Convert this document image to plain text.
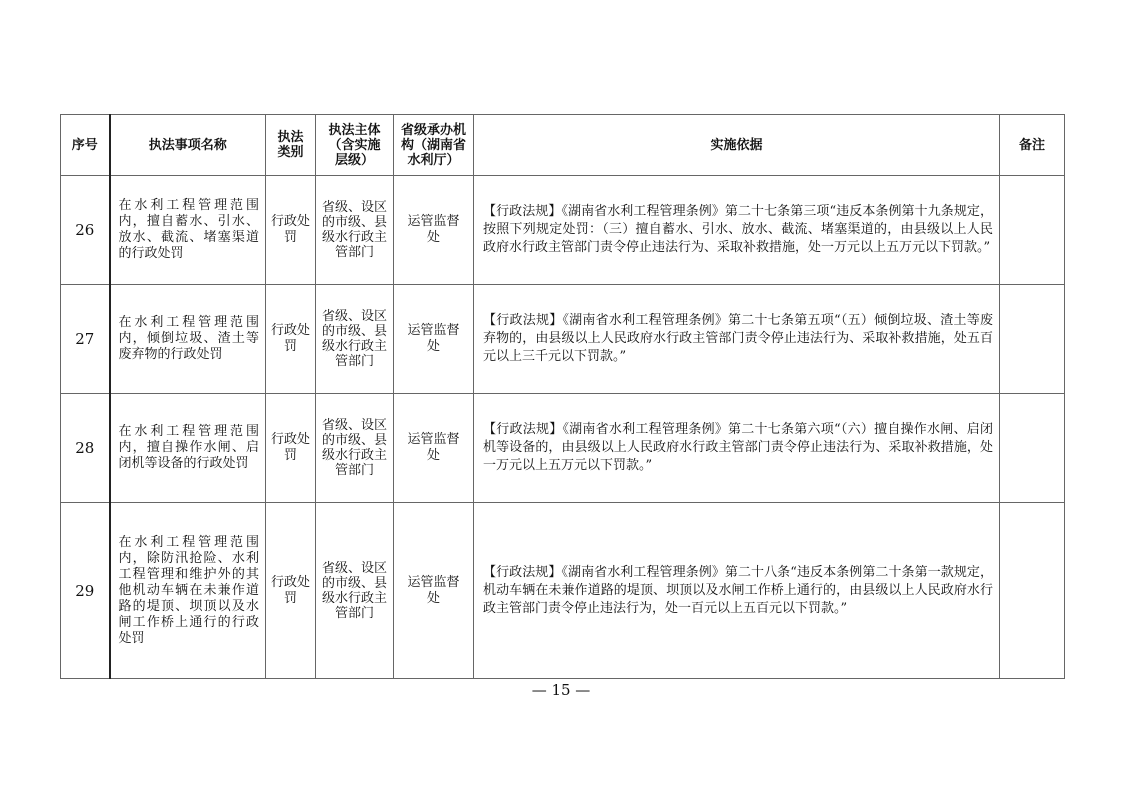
序号	执法事项名称	执法类别	执法主体（含实施层级）	省级承办机构（湖南省水利厅）	实施依据	备注
26	在水利工程管理范围内，擅自蓄水、引水、放水、截流、堵塞渠道的行政处罚	行政处罚	省级、设区的市级、县级水行政主管部门	运管监督处	【行政法规】《湖南省水利工程管理条例》第二十七条第三项“违反本条例第十九条规定，按照下列规定处罚：（三）擅自蓄水、引水、放水、截流、堵塞渠道的，由县级以上人民政府水行政主管部门责令停止违法行为、采取补救措施，处一万元以上五万元以下罚款。”	
27	在水利工程管理范围内，倾倒垃圾、渣土等废弃物的行政处罚	行政处罚	省级、设区的市级、县级水行政主管部门	运管监督处	【行政法规】《湖南省水利工程管理条例》第二十七条第五项“（五）倾倒垃圾、渣土等废弃物的，由县级以上人民政府水行政主管部门责令停止违法行为、采取补救措施，处五百元以上三千元以下罚款。”	
28	在水利工程管理范围内，擅自操作水闸、启闭机等设备的行政处罚	行政处罚	省级、设区的市级、县级水行政主管部门	运管监督处	【行政法规】《湖南省水利工程管理条例》第二十七条第六项“（六）擅自操作水闸、启闭机等设备的，由县级以上人民政府水行政主管部门责令停止违法行为、采取补救措施，处一万元以上五万元以下罚款。”	
29	在水利工程管理范围内，除防汛抢险、水利工程管理和维护外的其他机动车辆在未兼作道路的堤顶、坝顶以及水闸工作桥上通行的行政处罚	行政处罚	省级、设区的市级、县级水行政主管部门	运管监督处	【行政法规】《湖南省水利工程管理条例》第二十八条“违反本条例第二十条第一款规定，机动车辆在未兼作道路的堤顶、坝顶以及水闸工作桥上通行的，由县级以上人民政府水行政主管部门责令停止违法行为，处一百元以上五百元以下罚款。”	
— 15 —
